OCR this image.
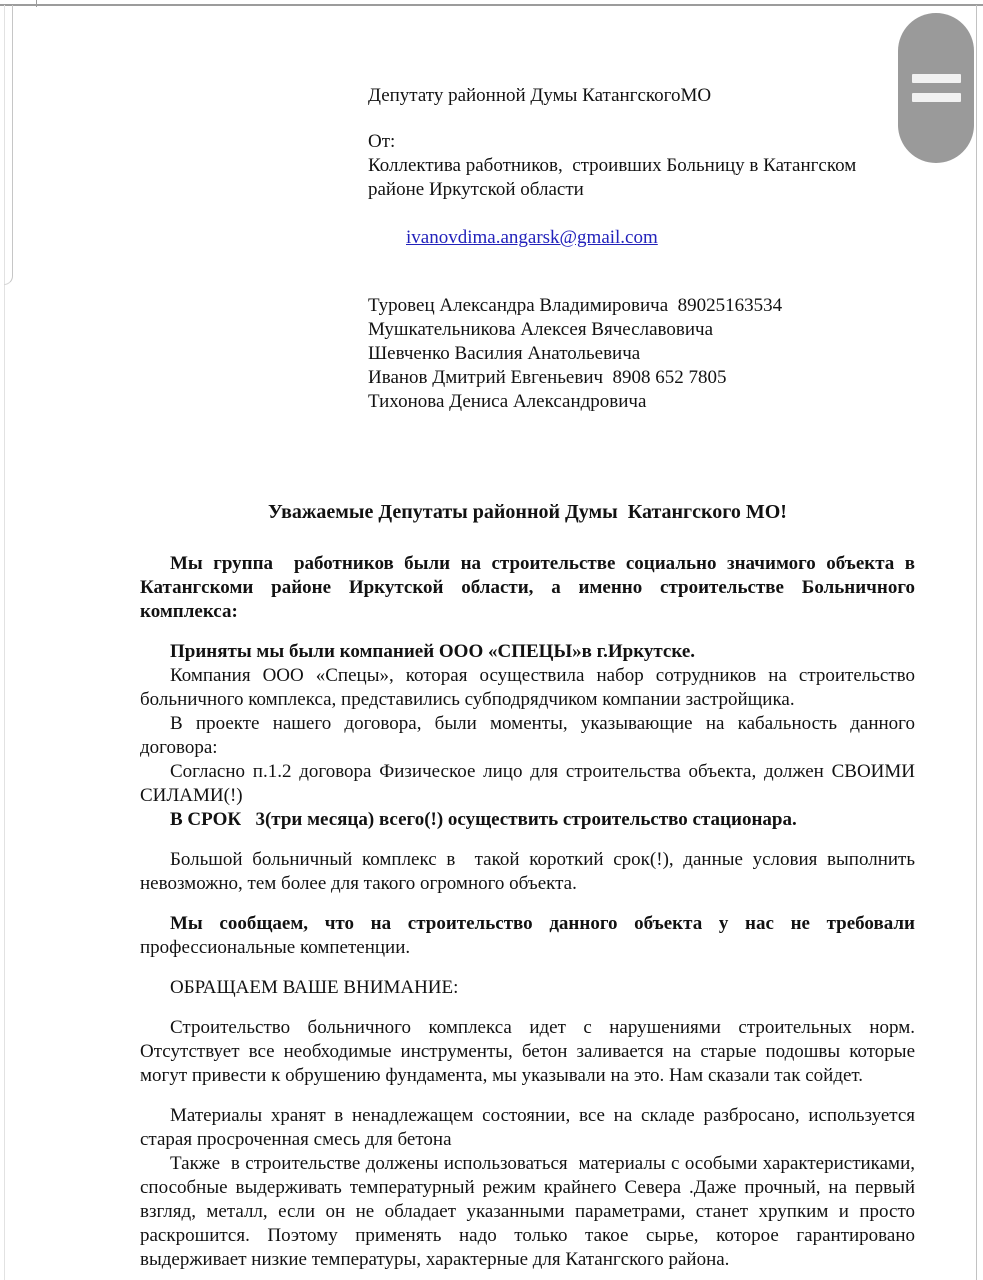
Депутату районной Думы КатангскогоМО
От:
Коллектива работников,  строивших Больницу в Катангском районе Иркутской области

ivanovdima.angarsk@gmail.com

Туровец Александра Владимировича  89025163534
Мушкательникова Алексея Вячеславовича
Шевченко Василия Анатольевича
Иванов Дмитрий Евгеньевич  8908 652 7805
Тихонова Дениса Александровича
Уважаемые Депутаты районной Думы  Катангского МО!

Мы группа  работников были на строительстве социально значимого объекта в Катангскоми районе Иркутской области, а именно строительстве Больничного комплекса:

Приняты мы были компанией ООО «СПЕЦЫ»в г.Иркутске.

Компания ООО «Спецы», которая осуществила набор сотрудников на строительство больничного комплекса, представились субподрядчиком компании застройщика.

В проекте нашего договора, были моменты, указывающие на кабальность данного договора:

Согласно п.1.2 договора Физическое лицо для строительства объекта, должен СВОИМИ СИЛАМИ(!)

В СРОК   3(три месяца) всего(!) осуществить строительство стационара.

Большой больничный комплекс в  такой короткий срок(!), данные условия выполнить невозможно, тем более для такого огромного объекта.

Мы сообщаем, что на строительство данного объекта у нас не требовали профессиональные компетенции.

ОБРАЩАЕМ ВАШЕ ВНИМАНИЕ:

Строительство больничного комплекса идет с нарушениями строительных норм. Отсутствует все необходимые инструменты, бетон заливается на старые подошвы которые могут привести к обрушению фундамента, мы указывали на это. Нам сказали так сойдет.

Материалы хранят в ненадлежащем состоянии, все на складе разбросано, используется старая просроченная смесь для бетона

Также  в строительстве должены использоваться  материалы с особыми характеристиками, способные выдерживать температурный режим крайнего Севера .Даже прочный, на первый взгляд, металл, если он не обладает указанными параметрами, станет хрупким и просто раскрошится. Поэтому применять надо только такое сырье, которое гарантировано выдерживает низкие температуры, характерные для Катангского района.
